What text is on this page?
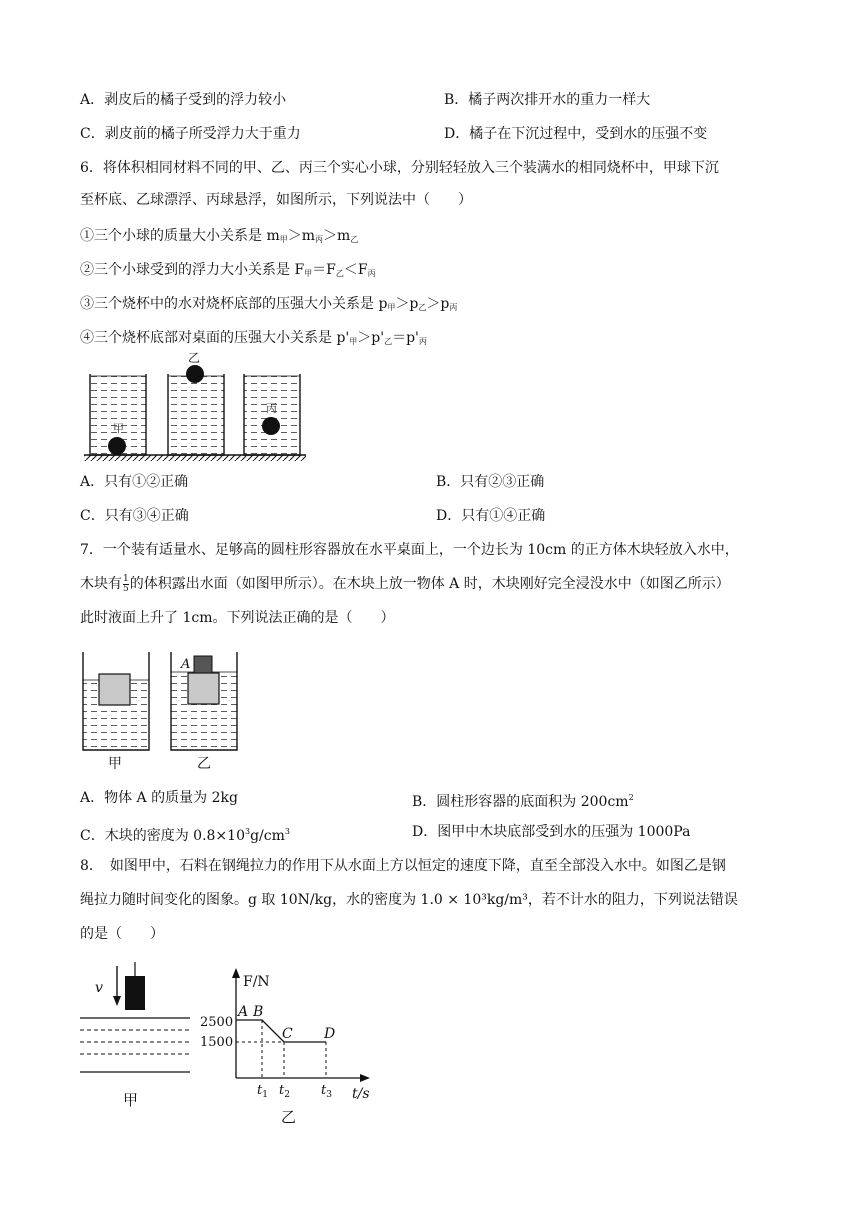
A．剥皮后的橘子受到的浮力较小	B．橘子两次排开水的重力一样大
C．剥皮前的橘子所受浮力大于重力	D．橘子在下沉过程中，受到水的压强不变
6．将体积相同材料不同的甲、乙、丙三个实心小球，分别轻轻放入三个装满水的相同烧杯中，甲球下沉
至杯底、乙球漂浮、丙球悬浮，如图所示，下列说法中（　　）
①三个小球的质量大小关系是 $m_甲>m_丙>m_乙$
②三个小球受到的浮力大小关系是 $F_甲=F_乙<F_丙$
③三个烧杯中的水对烧杯底部的压强大小关系是 $p_甲>p_乙>p_丙$
④三个烧杯底部对桌面的压强大小关系是 $p'_甲>p'_乙=p'_丙$
甲
乙
丙
A．只有①②正确	B．只有②③正确
C．只有③④正确	D．只有①④正确
7．一个装有适量水、足够高的圆柱形容器放在水平桌面上，一个边长为 10cm 的正方体木块轻放入水中，
木块有 $\frac{1}{5}$ 的体积露出水面（如图甲所示）。在木块上放一物体 A 时，木块刚好完全浸没水中（如图乙所示）
此时液面上升了 1cm。下列说法正确的是（　　）
甲
A
乙
A．物体 A 的质量为 2kg	B．圆柱形容器的底面积为 $200cm^2$
C．木块的密度为 $0.8\times 10^3g/cm^3$	D．图甲中木块底部受到水的压强为 1000Pa
8．　如图甲中，石料在钢绳拉力的作用下从水面上方以恒定的速度下降，直至全部没入水中。如图乙是钢
绳拉力随时间变化的图象。g 取 10N/kg，水的密度为 1.0 × 10³kg/m³，若不计水的阻力，下列说法错误
的是（　　）
v
甲
F/N
t/s
2500
1500
A B
C D
$t_1$ $t_2$ $t_3$
乙
